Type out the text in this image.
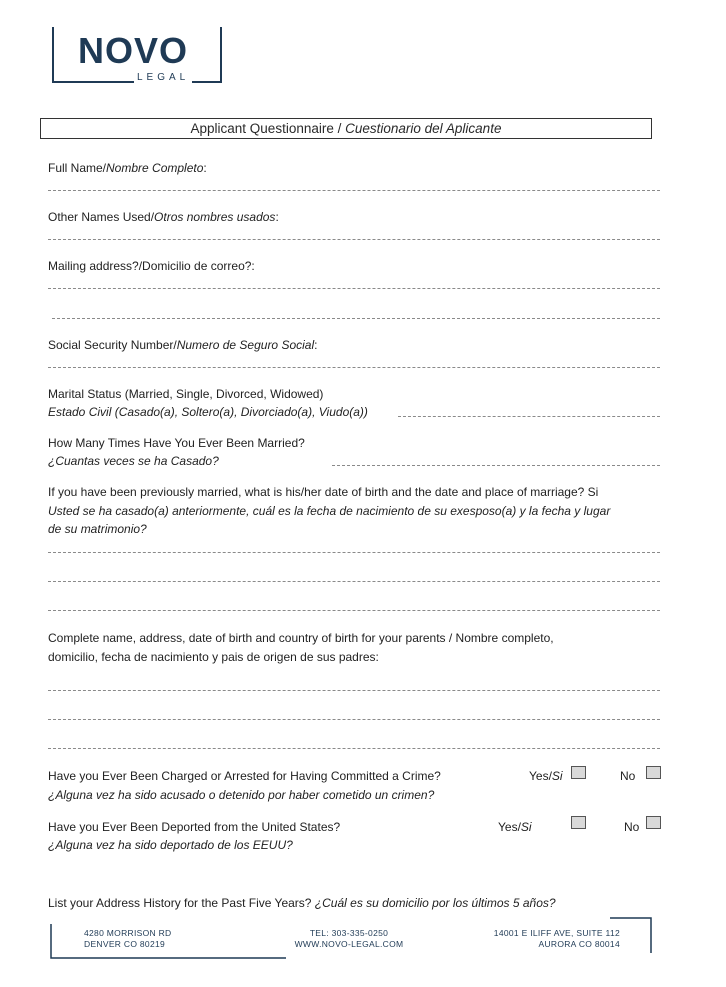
NOVO
LEGAL
Applicant Questionnaire / Cuestionario del Aplicante
Full Name/Nombre Completo:
Other Names Used/Otros nombres usados:
Mailing address?/Domicilio de correo?:
Social Security Number/Numero de Seguro Social:
Marital Status (Married, Single, Divorced, Widowed)
Estado Civil (Casado(a), Soltero(a), Divorciado(a), Viudo(a))
How Many Times Have You Ever Been Married?
¿Cuantas veces se ha Casado?
If you have been previously married, what is his/her date of birth and the date and place of marriage? Si
Usted se ha casado(a) anteriormente, cuál es la fecha de nacimiento de su exesposo(a) y la fecha y lugar
de su matrimonio?
Complete name, address, date of birth and country of birth for your parents / Nombre completo,
domicilio, fecha de nacimiento y pais de origen de sus padres:
Have you Ever Been Charged or Arrested for Having Committed a Crime?
¿Alguna vez ha sido acusado o detenido por haber cometido un crimen?
Yes/Si	No
Have you Ever Been Deported from the United States?
¿Alguna vez ha sido deportado de los EEUU?
Yes/Si	No
List your Address History for the Past Five Years? ¿Cuál es su domicilio por los últimos 5 años?
4280 MORRISON RD
DENVER CO 80219
TEL: 303-335-0250
WWW.NOVO-LEGAL.COM
14001 E ILIFF AVE, SUITE 112
AURORA CO 80014
